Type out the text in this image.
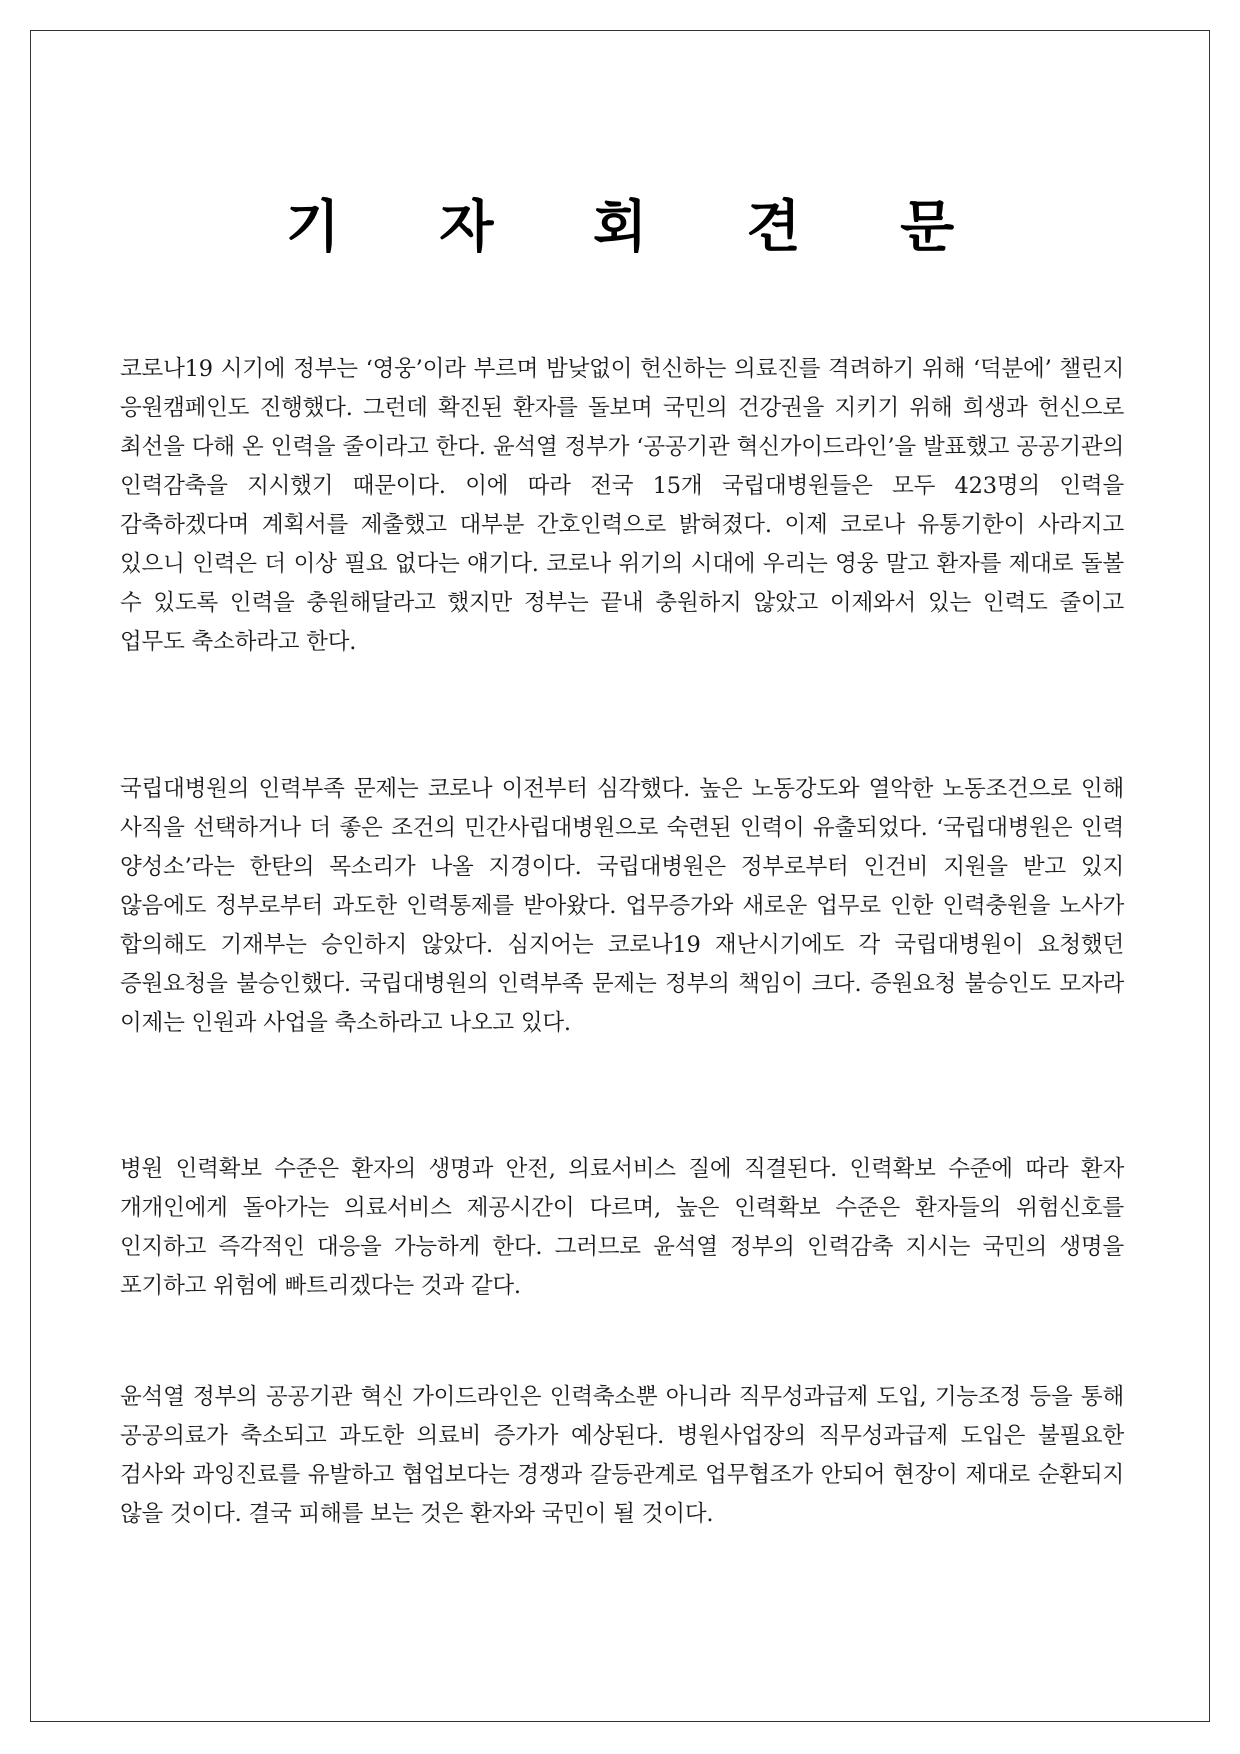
기 자 회 견 문

코로나19 시기에 정부는 ‘영웅’이라 부르며 밤낮없이 헌신하는 의료진를 격려하기 위해 ‘덕분에’ 챌린지 응원캠페인도 진행했다. 그런데 확진된 환자를 돌보며 국민의 건강권을 지키기 위해 희생과 헌신으로 최선을 다해 온 인력을 줄이라고 한다. 윤석열 정부가 ‘공공기관 혁신가이드라인’을 발표했고 공공기관의 인력감축을 지시했기 때문이다. 이에 따라 전국 15개 국립대병원들은 모두 423명의 인력을 감축하겠다며 계획서를 제출했고 대부분 간호인력으로 밝혀졌다. 이제 코로나 유통기한이 사라지고 있으니 인력은 더 이상 필요 없다는 얘기다. 코로나 위기의 시대에 우리는 영웅 말고 환자를 제대로 돌볼 수 있도록 인력을 충원해달라고 했지만 정부는 끝내 충원하지 않았고 이제와서 있는 인력도 줄이고 업무도 축소하라고 한다.

국립대병원의 인력부족 문제는 코로나 이전부터 심각했다. 높은 노동강도와 열악한 노동조건으로 인해 사직을 선택하거나 더 좋은 조건의 민간사립대병원으로 숙련된 인력이 유출되었다. ‘국립대병원은 인력 양성소’라는 한탄의 목소리가 나올 지경이다. 국립대병원은 정부로부터 인건비 지원을 받고 있지 않음에도 정부로부터 과도한 인력통제를 받아왔다. 업무증가와 새로운 업무로 인한 인력충원을 노사가 합의해도 기재부는 승인하지 않았다. 심지어는 코로나19 재난시기에도 각 국립대병원이 요청했던 증원요청을 불승인했다. 국립대병원의 인력부족 문제는 정부의 책임이 크다. 증원요청 불승인도 모자라 이제는 인원과 사업을 축소하라고 나오고 있다.

병원 인력확보 수준은 환자의 생명과 안전, 의료서비스 질에 직결된다. 인력확보 수준에 따라 환자 개개인에게 돌아가는 의료서비스 제공시간이 다르며, 높은 인력확보 수준은 환자들의 위험신호를 인지하고 즉각적인 대응을 가능하게 한다. 그러므로 윤석열 정부의 인력감축 지시는 국민의 생명을 포기하고 위험에 빠트리겠다는 것과 같다.

윤석열 정부의 공공기관 혁신 가이드라인은 인력축소뿐 아니라 직무성과급제 도입, 기능조정 등을 통해 공공의료가 축소되고 과도한 의료비 증가가 예상된다. 병원사업장의 직무성과급제 도입은 불필요한 검사와 과잉진료를 유발하고 협업보다는 경쟁과 갈등관계로 업무협조가 안되어 현장이 제대로 순환되지 않을 것이다. 결국 피해를 보는 것은 환자와 국민이 될 것이다.
